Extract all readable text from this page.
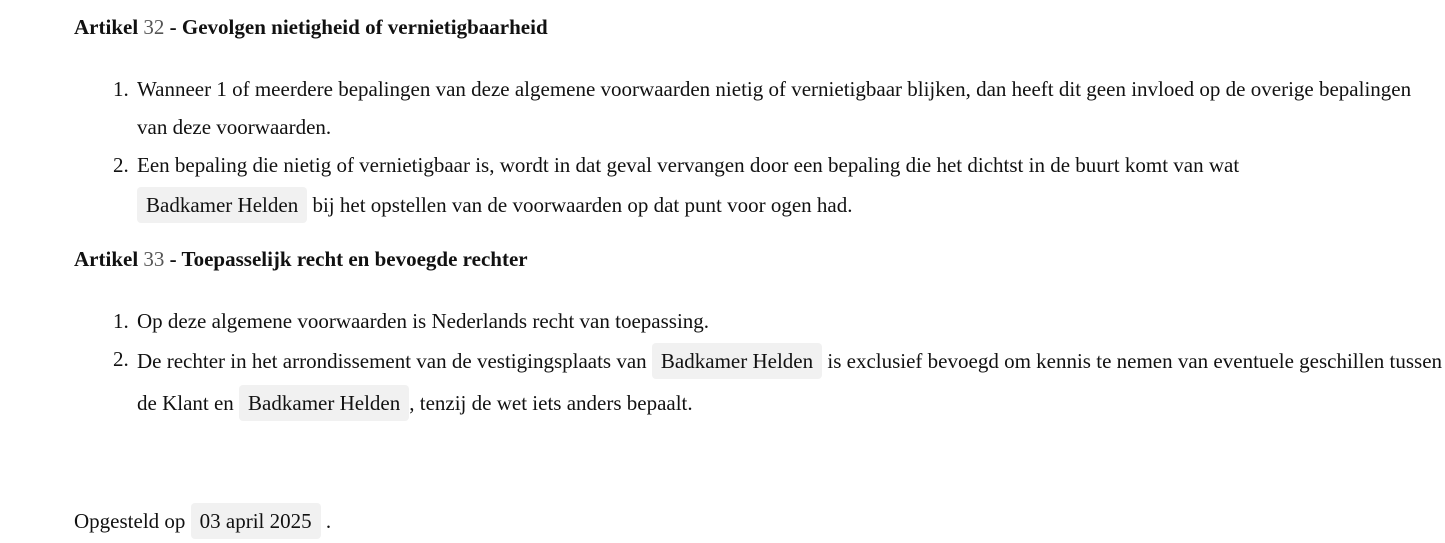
Artikel 32 - Gevolgen nietigheid of vernietigbaarheid
1. Wanneer 1 of meerdere bepalingen van deze algemene voorwaarden nietig of vernietigbaar blijken, dan heeft dit geen invloed op de overige bepalingen van deze voorwaarden.
2. Een bepaling die nietig of vernietigbaar is, wordt in dat geval vervangen door een bepaling die het dichtst in de buurt komt van wat
Badkamer Helden bij het opstellen van de voorwaarden op dat punt voor ogen had.
Artikel 33 - Toepasselijk recht en bevoegde rechter
1. Op deze algemene voorwaarden is Nederlands recht van toepassing.
2. De rechter in het arrondissement van de vestigingsplaats van Badkamer Helden is exclusief bevoegd om kennis te nemen van eventuele geschillen tussen de Klant en Badkamer Helden , tenzij de wet iets anders bepaalt.
Opgesteld op 03 april 2025 .
